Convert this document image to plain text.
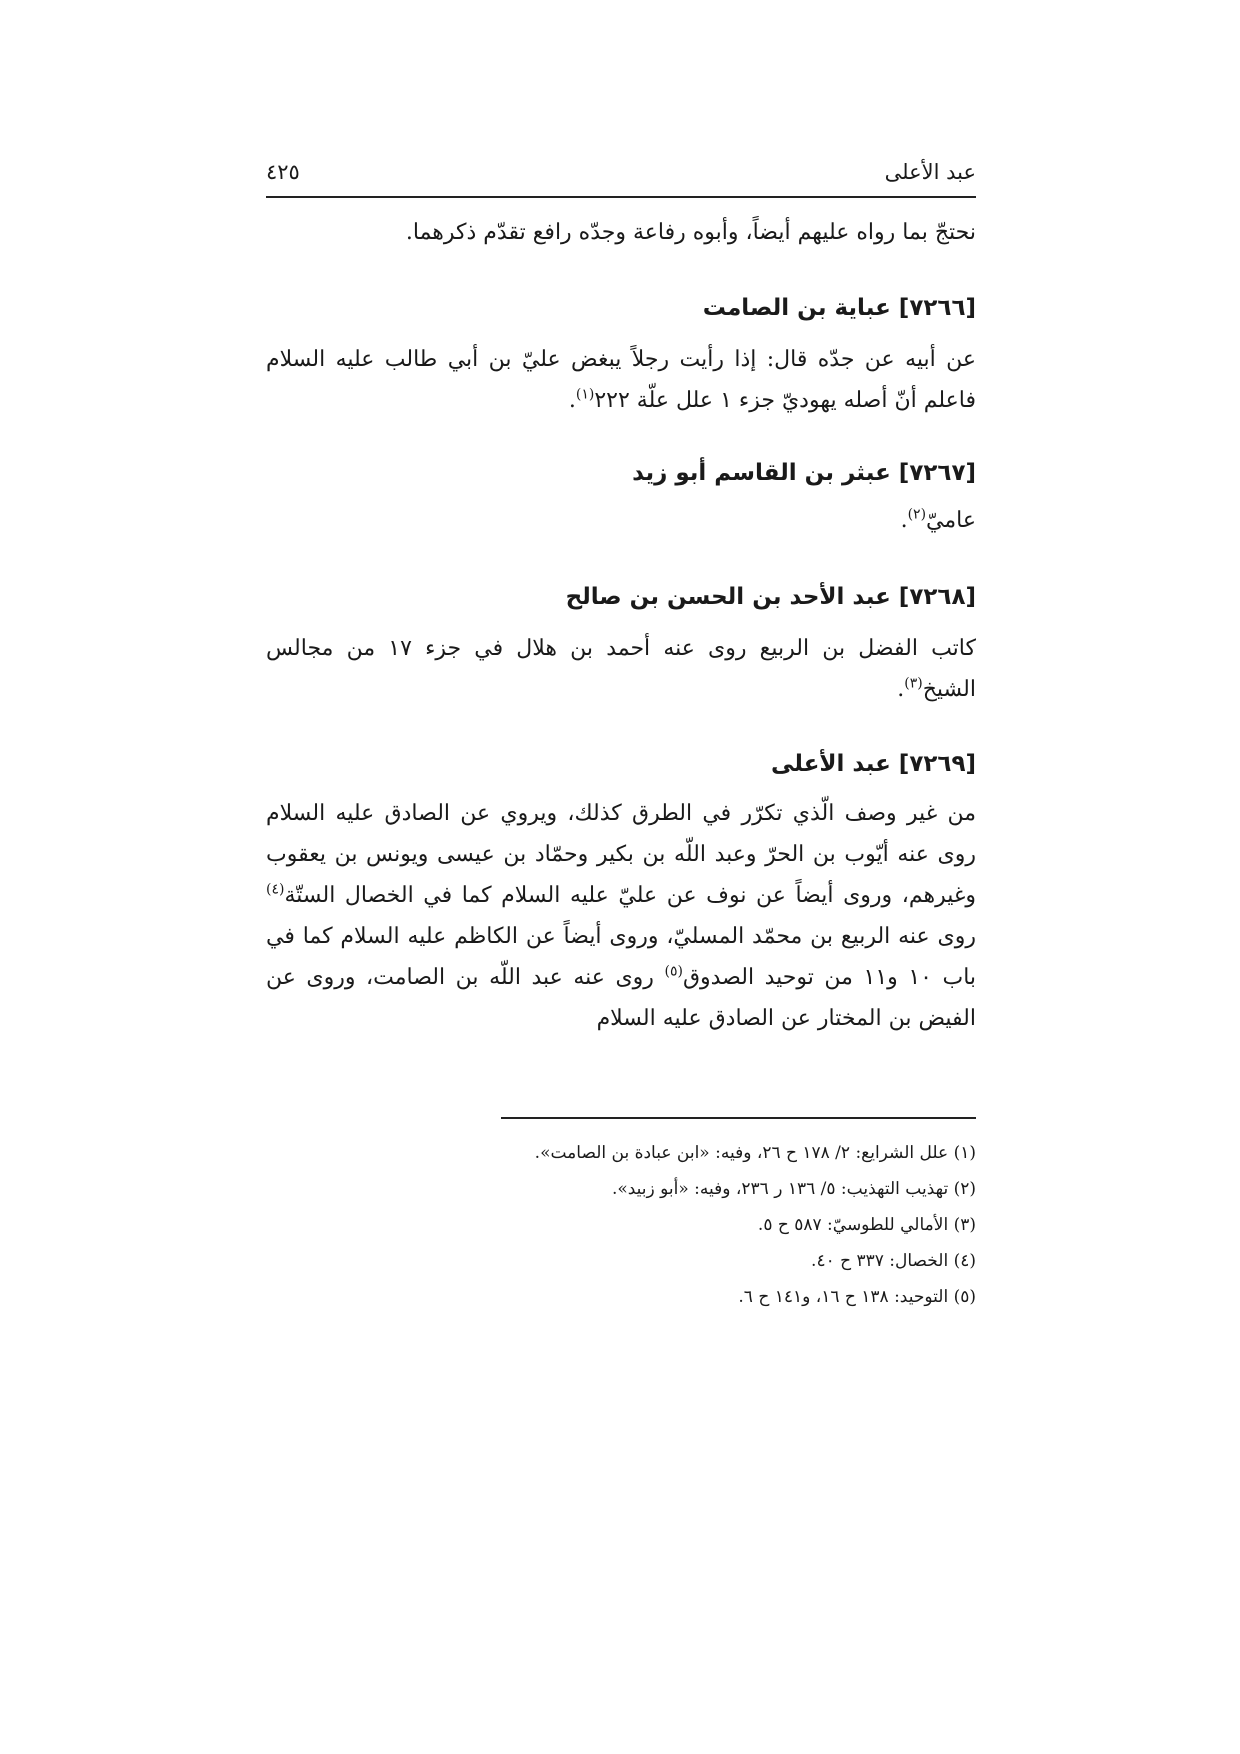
عبد الأعلى
٤٢٥

نحتجّ بما رواه عليهم أيضاً، وأبوه رفاعة وجدّه رافع تقدّم ذكرهما.

[٧٢٦٦] عباية بن الصامت

عن أبيه عن جدّه قال: إذا رأيت رجلاً يبغض عليّ بن أبي طالب عليه السلام فاعلم أنّ أصله يهوديّ جزء ١ علل علّة ٢٢٢$^{(١)}$.

[٧٢٦٧] عبثر بن القاسم أبو زيد

عاميّ$^{(٢)}$.

[٧٢٦٨] عبد الأحد بن الحسن بن صالح

كاتب الفضل بن الربيع روى عنه أحمد بن هلال في جزء ١٧ من مجالس الشيخ$^{(٣)}$.

[٧٢٦٩] عبد الأعلى

من غير وصف الّذي تكرّر في الطرق كذلك، ويروي عن الصادق عليه السلام روى عنه أيّوب بن الحرّ وعبد اللّه بن بكير وحمّاد بن عيسى ويونس بن يعقوب وغيرهم، وروى أيضاً عن نوف عن عليّ عليه السلام كما في الخصال الستّة$^{(٤)}$ روى عنه الربيع بن محمّد المسليّ، وروى أيضاً عن الكاظم عليه السلام كما في باب ١٠ و١١ من توحيد الصدوق$^{(٥)}$ روى عنه عبد اللّه بن الصامت، وروى عن الفيض بن المختار عن الصادق عليه السلام

(١) علل الشرايع: ٢/ ١٧٨ ح ٢٦، وفيه: «ابن عبادة بن الصامت».
(٢) تهذيب التهذيب: ٥/ ١٣٦ ر ٢٣٦، وفيه: «أبو زبيد».
(٣) الأمالي للطوسيّ: ٥٨٧ ح ٥.
(٤) الخصال: ٣٣٧ ح ٤٠.
(٥) التوحيد: ١٣٨ ح ١٦، و١٤١ ح ٦.
